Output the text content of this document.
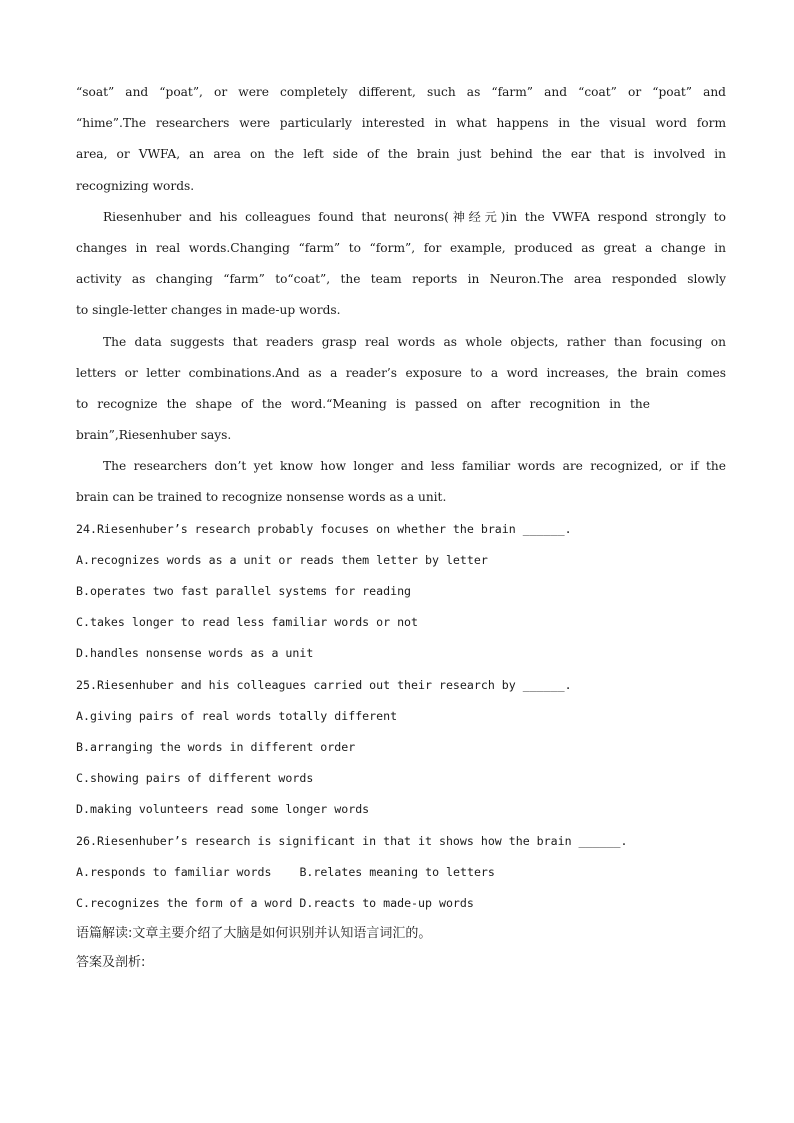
“soat” and “poat”, or were completely different, such as “farm” and “coat” or “poat” and
“hime”.The researchers were particularly interested in what happens in the visual word form
area, or VWFA, an area on the left side of the brain just behind the ear that is involved in
recognizing words.
Riesenhuber and his colleagues found that neurons(神经元)in the VWFA respond strongly to
changes in real words.Changing “farm” to “form”, for example, produced as great a change in
activity as changing “farm” to“coat”, the team reports in Neuron.The area responded slowly
to single-letter changes in made-up words.
The data suggests that readers grasp real words as whole objects, rather than focusing on
letters or letter combinations.And as a reader’s exposure to a word increases, the brain comes
to recognize the shape of the word.“Meaning is passed on after recognition in the
brain”,Riesenhuber says.
The researchers don’t yet know how longer and less familiar words are recognized, or if the
brain can be trained to recognize nonsense words as a unit.
24.Riesenhuber’s research probably focuses on whether the brain ______.
A.recognizes words as a unit or reads them letter by letter
B.operates two fast parallel systems for reading
C.takes longer to read less familiar words or not
D.handles nonsense words as a unit
25.Riesenhuber and his colleagues carried out their research by ______.
A.giving pairs of real words totally different
B.arranging the words in different order
C.showing pairs of different words
D.making volunteers read some longer words
26.Riesenhuber’s research is significant in that it shows how the brain ______.
A.responds to familiar words B.relates meaning to letters
C.recognizes the form of a word D.reacts to made-up words
语篇解读:文章主要介绍了大脑是如何识别并认知语言词汇的。
答案及剖析:
